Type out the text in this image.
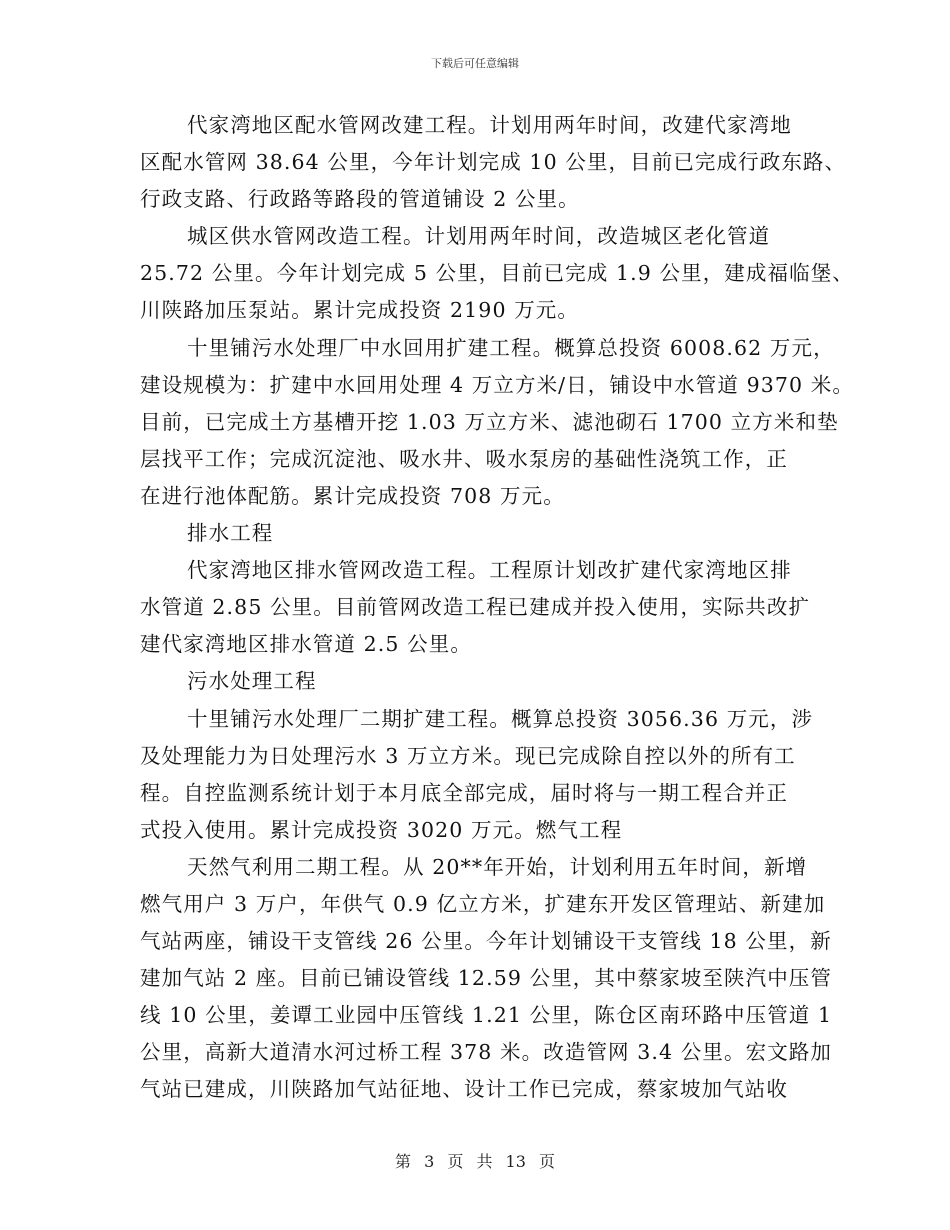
下载后可任意编辑
代家湾地区配水管网改建工程。计划用两年时间，改建代家湾地
区配水管网 38.64 公里，今年计划完成 10 公里，目前已完成行政东路、
行政支路、行政路等路段的管道铺设 2 公里。
城区供水管网改造工程。计划用两年时间，改造城区老化管道
25.72 公里。今年计划完成 5 公里，目前已完成 1.9 公里，建成福临堡、
川陕路加压泵站。累计完成投资 2190 万元。
十里铺污水处理厂中水回用扩建工程。概算总投资 6008.62 万元，
建设规模为：扩建中水回用处理 4 万立方米/日，铺设中水管道 9370 米。
目前，已完成土方基槽开挖 1.03 万立方米、滤池砌石 1700 立方米和垫
层找平工作；完成沉淀池、吸水井、吸水泵房的基础性浇筑工作，正
在进行池体配筋。累计完成投资 708 万元。
排水工程
代家湾地区排水管网改造工程。工程原计划改扩建代家湾地区排
水管道 2.85 公里。目前管网改造工程已建成并投入使用，实际共改扩
建代家湾地区排水管道 2.5 公里。
污水处理工程
十里铺污水处理厂二期扩建工程。概算总投资 3056.36 万元，涉
及处理能力为日处理污水 3 万立方米。现已完成除自控以外的所有工
程。自控监测系统计划于本月底全部完成，届时将与一期工程合并正
式投入使用。累计完成投资 3020 万元。燃气工程
天然气利用二期工程。从 20**年开始，计划利用五年时间，新增
燃气用户 3 万户，年供气 0.9 亿立方米，扩建东开发区管理站、新建加
气站两座，铺设干支管线 26 公里。今年计划铺设干支管线 18 公里，新
建加气站 2 座。目前已铺设管线 12.59 公里，其中蔡家坡至陕汽中压管
线 10 公里，姜谭工业园中压管线 1.21 公里，陈仓区南环路中压管道 1
公里，高新大道清水河过桥工程 378 米。改造管网 3.4 公里。宏文路加
气站已建成，川陕路加气站征地、设计工作已完成，蔡家坡加气站收
第 3 页 共 13 页
